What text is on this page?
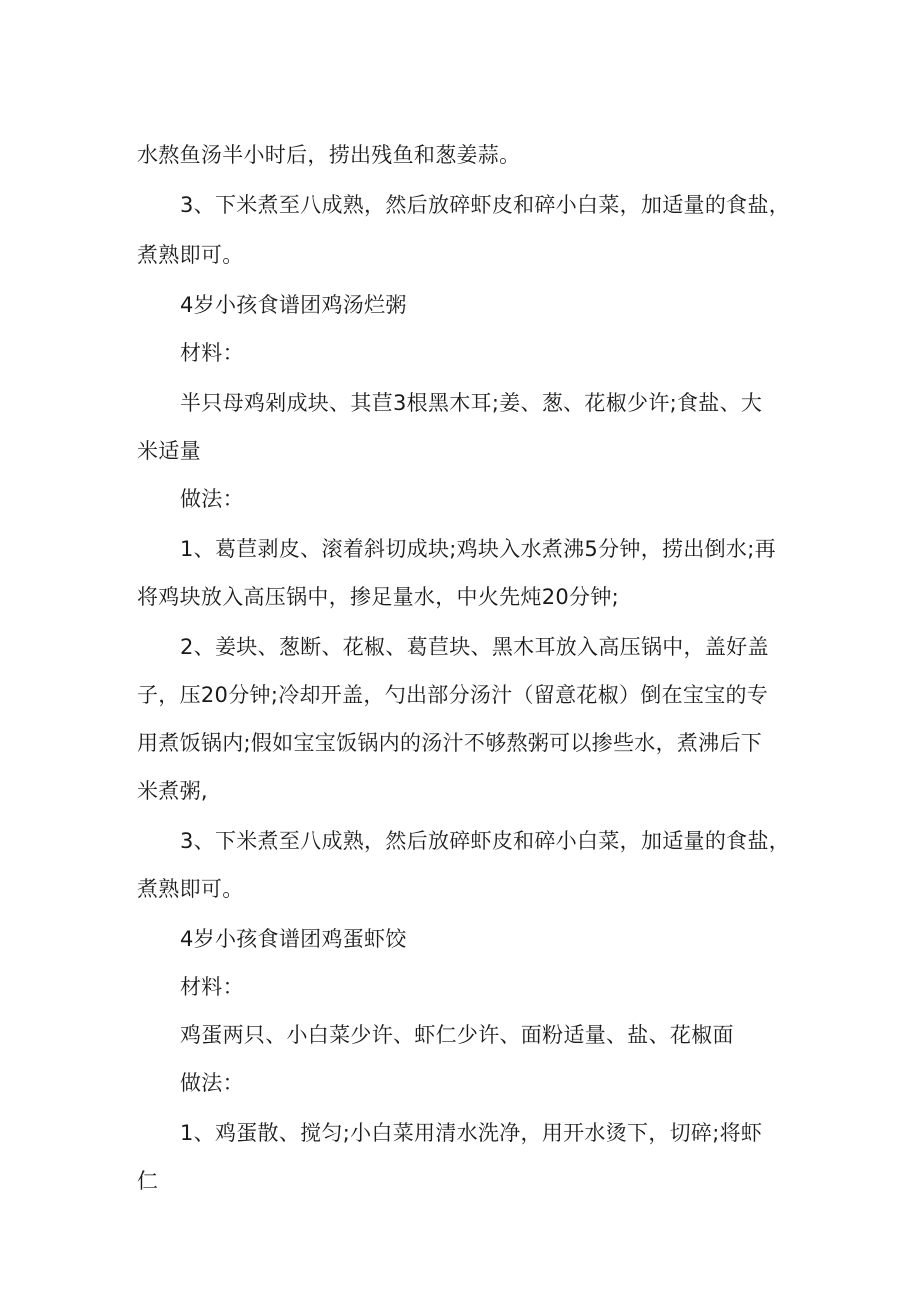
水熬鱼汤半小时后，捞出残鱼和葱姜蒜。
3、下米煮至八成熟，然后放碎虾皮和碎小白菜，加适量的食盐，
煮熟即可。
4岁小孩食谱团鸡汤烂粥
材料：
半只母鸡剁成块、其苣3根黑木耳;姜、葱、花椒少许;食盐、大
米适量
做法：
1、葛苣剥皮、滚着斜切成块;鸡块入水煮沸5分钟，捞出倒水;再
将鸡块放入高压锅中，掺足量水，中火先炖20分钟;
2、姜块、葱断、花椒、葛苣块、黑木耳放入高压锅中，盖好盖
子，压20分钟;冷却开盖，勺出部分汤汁（留意花椒）倒在宝宝的专
用煮饭锅内;假如宝宝饭锅内的汤汁不够熬粥可以掺些水，煮沸后下
米煮粥,
3、下米煮至八成熟，然后放碎虾皮和碎小白菜，加适量的食盐，
煮熟即可。
4岁小孩食谱团鸡蛋虾饺
材料：
鸡蛋两只、小白菜少许、虾仁少许、面粉适量、盐、花椒面
做法：
1、鸡蛋散、搅匀;小白菜用清水洗净，用开水烫下，切碎;将虾
仁
